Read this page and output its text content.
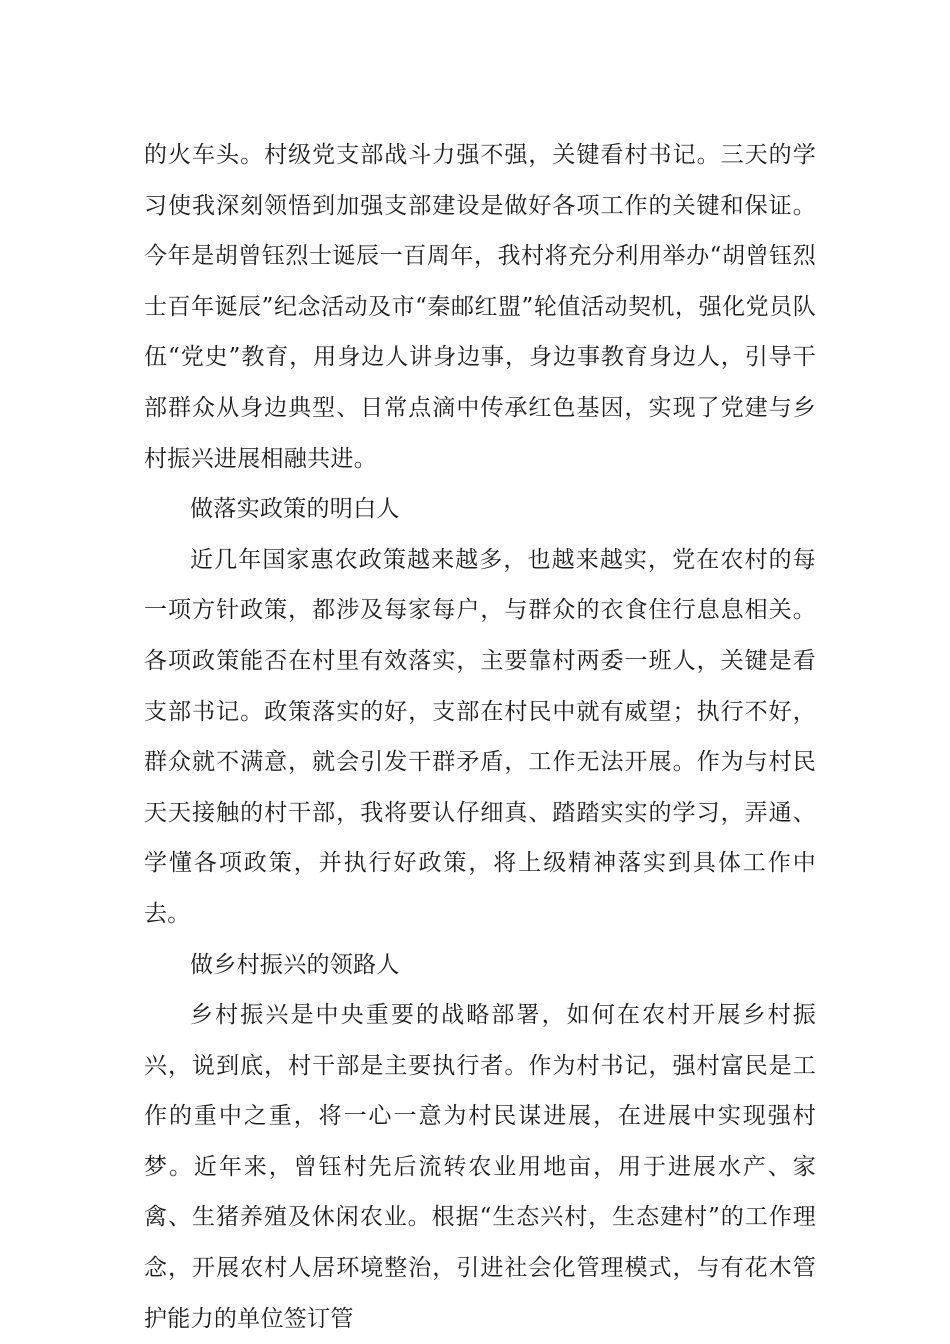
的火车头。村级党支部战斗力强不强，关键看村书记。三天的学习使我深刻领悟到加强支部建设是做好各项工作的关键和保证。今年是胡曾钰烈士诞辰一百周年，我村将充分利用举办“胡曾钰烈士百年诞辰”纪念活动及市“秦邮红盟”轮值活动契机，强化党员队伍“党史”教育，用身边人讲身边事，身边事教育身边人，引导干部群众从身边典型、日常点滴中传承红色基因，实现了党建与乡村振兴进展相融共进。

做落实政策的明白人

近几年国家惠农政策越来越多，也越来越实，党在农村的每一项方针政策，都涉及每家每户，与群众的衣食住行息息相关。各项政策能否在村里有效落实，主要靠村两委一班人，关键是看支部书记。政策落实的好，支部在村民中就有威望；执行不好，群众就不满意，就会引发干群矛盾，工作无法开展。作为与村民天天接触的村干部，我将要认仔细真、踏踏实实的学习，弄通、学懂各项政策，并执行好政策，将上级精神落实到具体工作中去。

做乡村振兴的领路人

乡村振兴是中央重要的战略部署，如何在农村开展乡村振兴，说到底，村干部是主要执行者。作为村书记，强村富民是工作的重中之重，将一心一意为村民谋进展，在进展中实现强村梦。近年来，曾钰村先后流转农业用地亩，用于进展水产、家禽、生猪养殖及休闲农业。根据“生态兴村，生态建村”的工作理念，开展农村人居环境整治，引进社会化管理模式，与有花木管护能力的单位签订管
